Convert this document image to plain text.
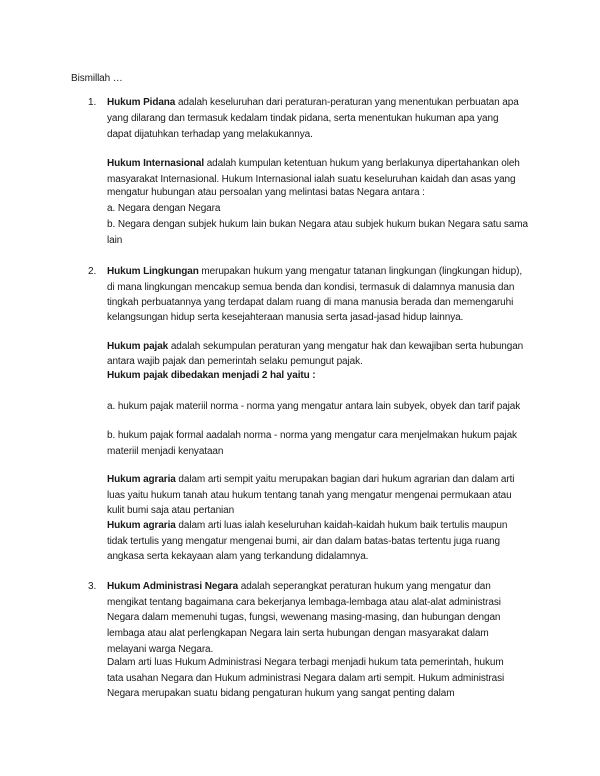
Bismillah …
1. Hukum Pidana adalah keseluruhan dari peraturan-peraturan yang menentukan perbuatan apa
yang dilarang dan termasuk kedalam tindak pidana, serta menentukan hukuman apa yang
dapat dijatuhkan terhadap yang melakukannya.
Hukum Internasional adalah kumpulan ketentuan hukum yang berlakunya dipertahankan oleh
masyarakat Internasional. Hukum Internasional ialah suatu keseluruhan kaidah dan asas yang
mengatur hubungan atau persoalan yang melintasi batas Negara antara :
a. Negara dengan Negara
b. Negara dengan subjek hukum lain bukan Negara atau subjek hukum bukan Negara satu sama
lain
2. Hukum Lingkungan merupakan hukum yang mengatur tatanan lingkungan (lingkungan hidup),
di mana lingkungan mencakup semua benda dan kondisi, termasuk di dalamnya manusia dan
tingkah perbuatannya yang terdapat dalam ruang di mana manusia berada dan memengaruhi
kelangsungan hidup serta kesejahteraan manusia serta jasad-jasad hidup lainnya.
Hukum pajak adalah sekumpulan peraturan yang mengatur hak dan kewajiban serta hubungan
antara wajib pajak dan pemerintah selaku pemungut pajak.
Hukum pajak dibedakan menjadi 2 hal yaitu :
a. hukum pajak materiil norma - norma yang mengatur antara lain subyek, obyek dan tarif pajak
b. hukum pajak formal aadalah norma - norma yang mengatur cara menjelmakan hukum pajak
materiil menjadi kenyataan
Hukum agraria dalam arti sempit yaitu merupakan bagian dari hukum agrarian dan dalam arti
luas yaitu hukum tanah atau hukum tentang tanah yang mengatur mengenai permukaan atau
kulit bumi saja atau pertanian
Hukum agraria dalam arti luas ialah keseluruhan kaidah-kaidah hukum baik tertulis maupun
tidak tertulis yang mengatur mengenai bumi, air dan dalam batas-batas tertentu juga ruang
angkasa serta kekayaan alam yang terkandung didalamnya.
3. Hukum Administrasi Negara adalah seperangkat peraturan hukum yang mengatur dan
mengikat tentang bagaimana cara bekerjanya lembaga-lembaga atau alat-alat administrasi
Negara dalam memenuhi tugas, fungsi, wewenang masing-masing, dan hubungan dengan
lembaga atau alat perlengkapan Negara lain serta hubungan dengan masyarakat dalam
melayani warga Negara.
Dalam arti luas Hukum Administrasi Negara terbagi menjadi hukum tata pemerintah, hukum
tata usahan Negara dan Hukum administrasi Negara dalam arti sempit. Hukum administrasi
Negara merupakan suatu bidang pengaturan hukum yang sangat penting dalam
